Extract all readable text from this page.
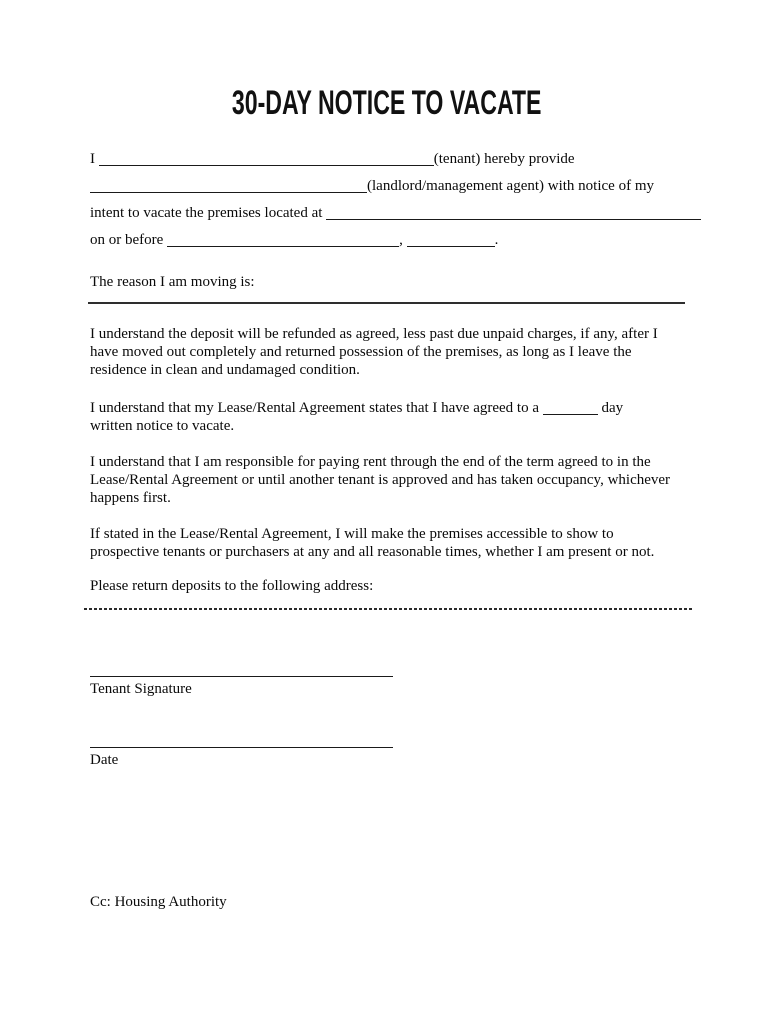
30-DAY NOTICE TO VACATE
I	(tenant) hereby provide
(landlord/management agent) with notice of my
intent to vacate the premises located at
on or before	,	.
The reason I am moving is:
I understand the deposit will be refunded as agreed, less past due unpaid charges, if any, after I
have moved out completely and returned possession of the premises, as long as I leave the
residence in clean and undamaged condition.
I understand that my Lease/Rental Agreement states that I have agreed to a	day
written notice to vacate.
I understand that I am responsible for paying rent through the end of the term agreed to in the
Lease/Rental Agreement or until another tenant is approved and has taken occupancy, whichever
happens first.
If stated in the Lease/Rental Agreement, I will make the premises accessible to show to
prospective tenants or purchasers at any and all reasonable times, whether I am present or not.
Please return deposits to the following address:
Tenant Signature
Date
Cc: Housing Authority
